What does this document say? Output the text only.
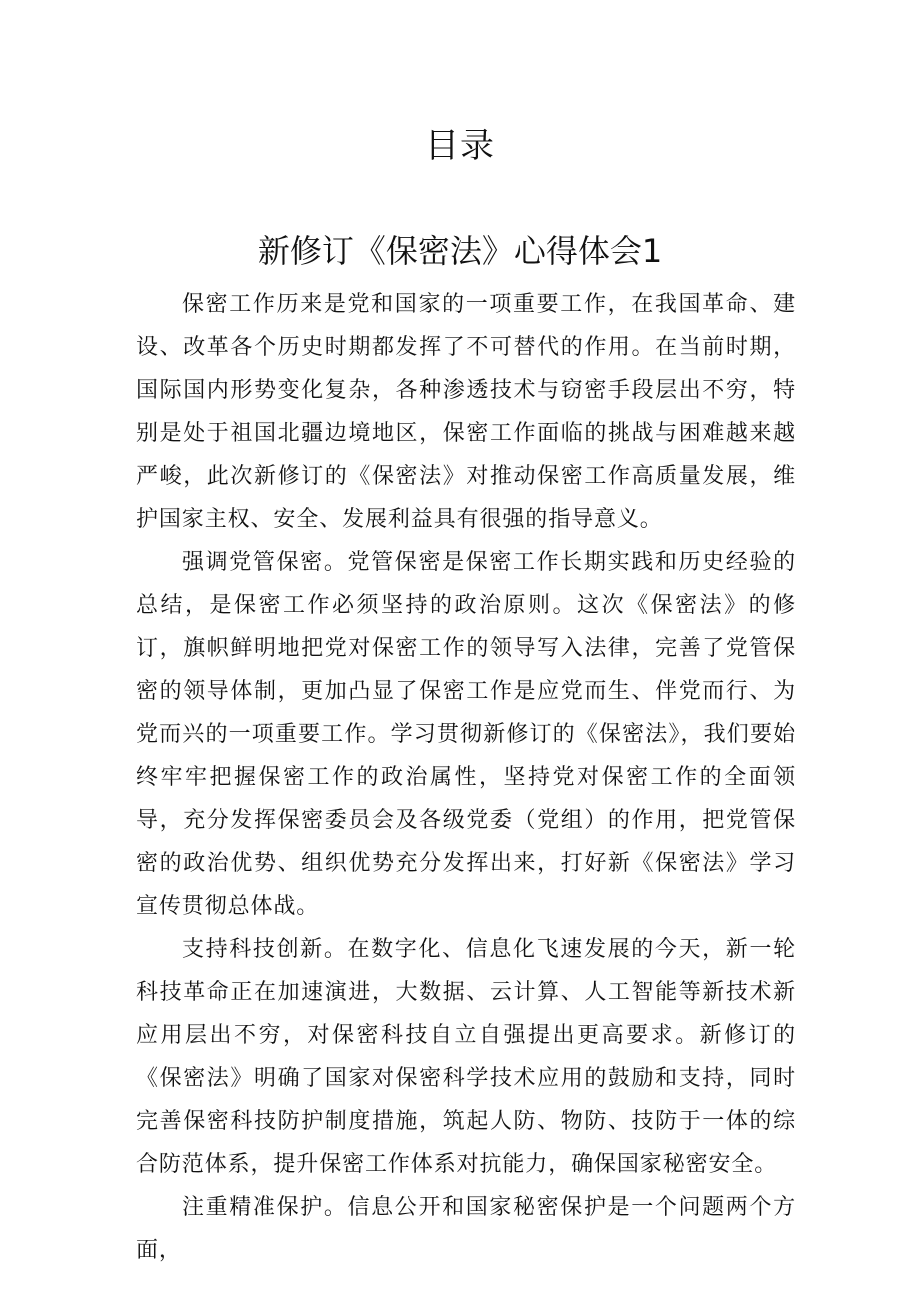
目录
新修订《保密法》心得体会1

保密工作历来是党和国家的一项重要工作，在我国革命、建设、改革各个历史时期都发挥了不可替代的作用。在当前时期，国际国内形势变化复杂，各种渗透技术与窃密手段层出不穷，特别是处于祖国北疆边境地区，保密工作面临的挑战与困难越来越严峻，此次新修订的《保密法》对推动保密工作高质量发展，维护国家主权、安全、发展利益具有很强的指导意义。

强调党管保密。党管保密是保密工作长期实践和历史经验的总结，是保密工作必须坚持的政治原则。这次《保密法》的修订，旗帜鲜明地把党对保密工作的领导写入法律，完善了党管保密的领导体制，更加凸显了保密工作是应党而生、伴党而行、为党而兴的一项重要工作。学习贯彻新修订的《保密法》，我们要始终牢牢把握保密工作的政治属性，坚持党对保密工作的全面领导，充分发挥保密委员会及各级党委（党组）的作用，把党管保密的政治优势、组织优势充分发挥出来，打好新《保密法》学习宣传贯彻总体战。

支持科技创新。在数字化、信息化飞速发展的今天，新一轮科技革命正在加速演进，大数据、云计算、人工智能等新技术新应用层出不穷，对保密科技自立自强提出更高要求。新修订的《保密法》明确了国家对保密科学技术应用的鼓励和支持，同时完善保密科技防护制度措施，筑起人防、物防、技防于一体的综合防范体系，提升保密工作体系对抗能力，确保国家秘密安全。

注重精准保护。信息公开和国家秘密保护是一个问题两个方面，
